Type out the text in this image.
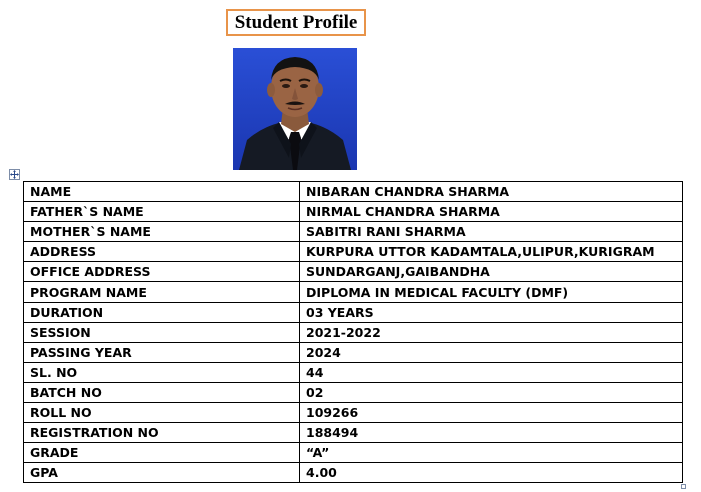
Student Profile
NAME	NIBARAN CHANDRA SHARMA
FATHER`S NAME	NIRMAL CHANDRA SHARMA
MOTHER`S NAME	SABITRI RANI SHARMA
ADDRESS	KURPURA UTTOR KADAMTALA,ULIPUR,KURIGRAM
OFFICE ADDRESS	SUNDARGANJ,GAIBANDHA
PROGRAM NAME	DIPLOMA IN MEDICAL FACULTY (DMF)
DURATION	03 YEARS
SESSION	2021-2022
PASSING YEAR	2024
SL. NO	44
BATCH NO	02
ROLL NO	109266
REGISTRATION NO	188494
GRADE	“A”
GPA	4.00
